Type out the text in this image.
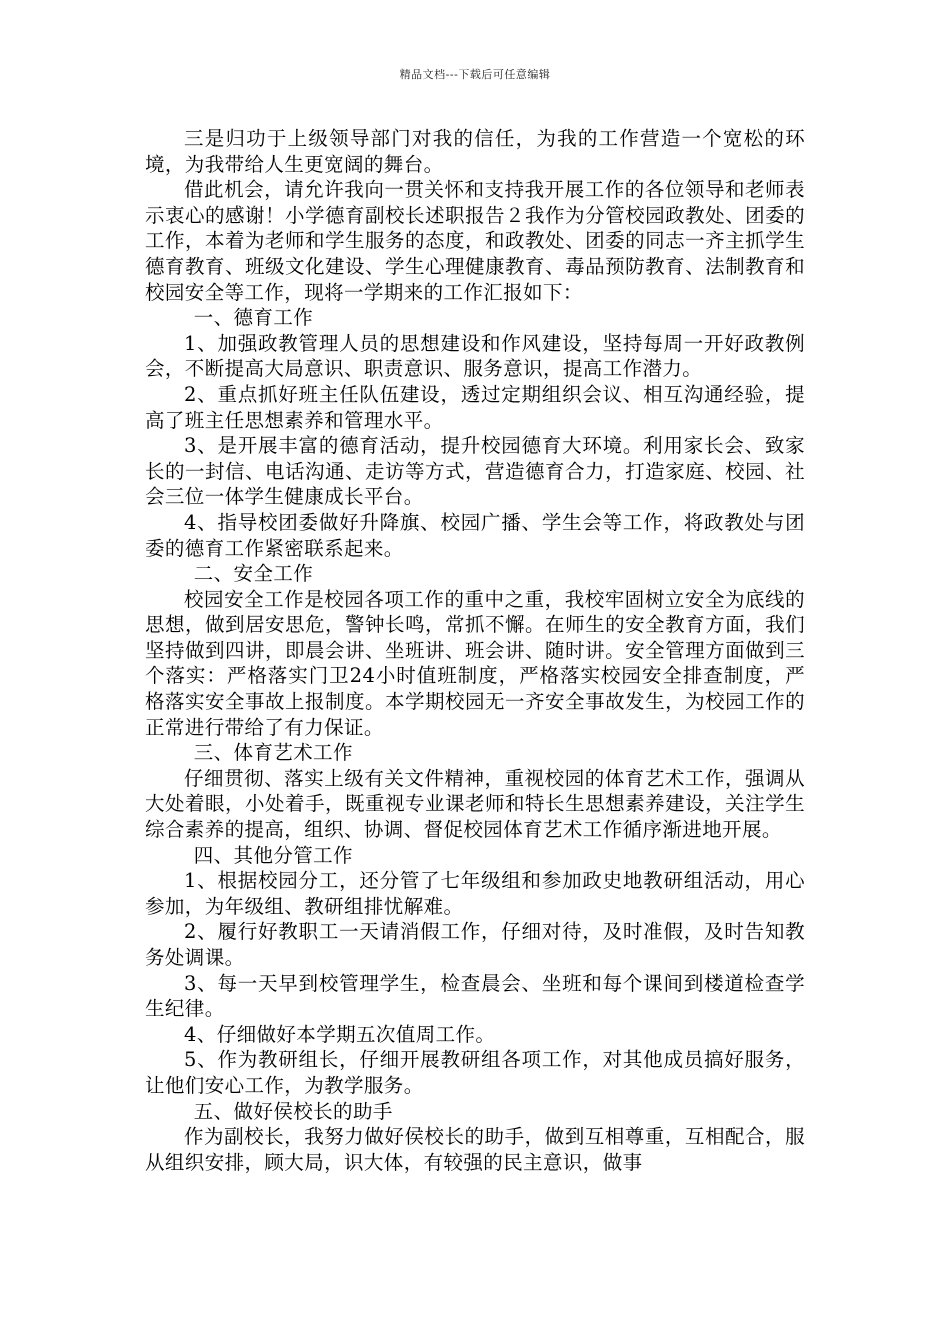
精品文档---下载后可任意编辑

三是归功于上级领导部门对我的信任，为我的工作营造一个宽松的环境，为我带给人生更宽阔的舞台。

借此机会，请允许我向一贯关怀和支持我开展工作的各位领导和老师表示衷心的感谢！小学德育副校长述职报告２我作为分管校园政教处、团委的工作，本着为老师和学生服务的态度，和政教处、团委的同志一齐主抓学生德育教育、班级文化建设、学生心理健康教育、毒品预防教育、法制教育和校园安全等工作，现将一学期来的工作汇报如下：

一、德育工作

1、加强政教管理人员的思想建设和作风建设，坚持每周一开好政教例会，不断提高大局意识、职责意识、服务意识，提高工作潜力。

2、重点抓好班主任队伍建设，透过定期组织会议、相互沟通经验，提高了班主任思想素养和管理水平。

3、是开展丰富的德育活动，提升校园德育大环境。利用家长会、致家长的一封信、电话沟通、走访等方式，营造德育合力，打造家庭、校园、社会三位一体学生健康成长平台。

4、指导校团委做好升降旗、校园广播、学生会等工作，将政教处与团委的德育工作紧密联系起来。

二、安全工作

校园安全工作是校园各项工作的重中之重，我校牢固树立安全为底线的思想，做到居安思危，警钟长鸣，常抓不懈。在师生的安全教育方面，我们坚持做到四讲，即晨会讲、坐班讲、班会讲、随时讲。安全管理方面做到三个落实：严格落实门卫24小时值班制度，严格落实校园安全排查制度，严格落实安全事故上报制度。本学期校园无一齐安全事故发生，为校园工作的正常进行带给了有力保证。

三、体育艺术工作

仔细贯彻、落实上级有关文件精神，重视校园的体育艺术工作，强调从大处着眼，小处着手，既重视专业课老师和特长生思想素养建设，关注学生综合素养的提高，组织、协调、督促校园体育艺术工作循序渐进地开展。

四、其他分管工作

1、根据校园分工，还分管了七年级组和参加政史地教研组活动，用心参加，为年级组、教研组排忧解难。

2、履行好教职工一天请消假工作，仔细对待，及时准假，及时告知教务处调课。

3、每一天早到校管理学生，检查晨会、坐班和每个课间到楼道检查学生纪律。

4、仔细做好本学期五次值周工作。

5、作为教研组长，仔细开展教研组各项工作，对其他成员搞好服务，让他们安心工作，为教学服务。

五、做好侯校长的助手

作为副校长，我努力做好侯校长的助手，做到互相尊重，互相配合，服从组织安排，顾大局，识大体，有较强的民主意识，做事
